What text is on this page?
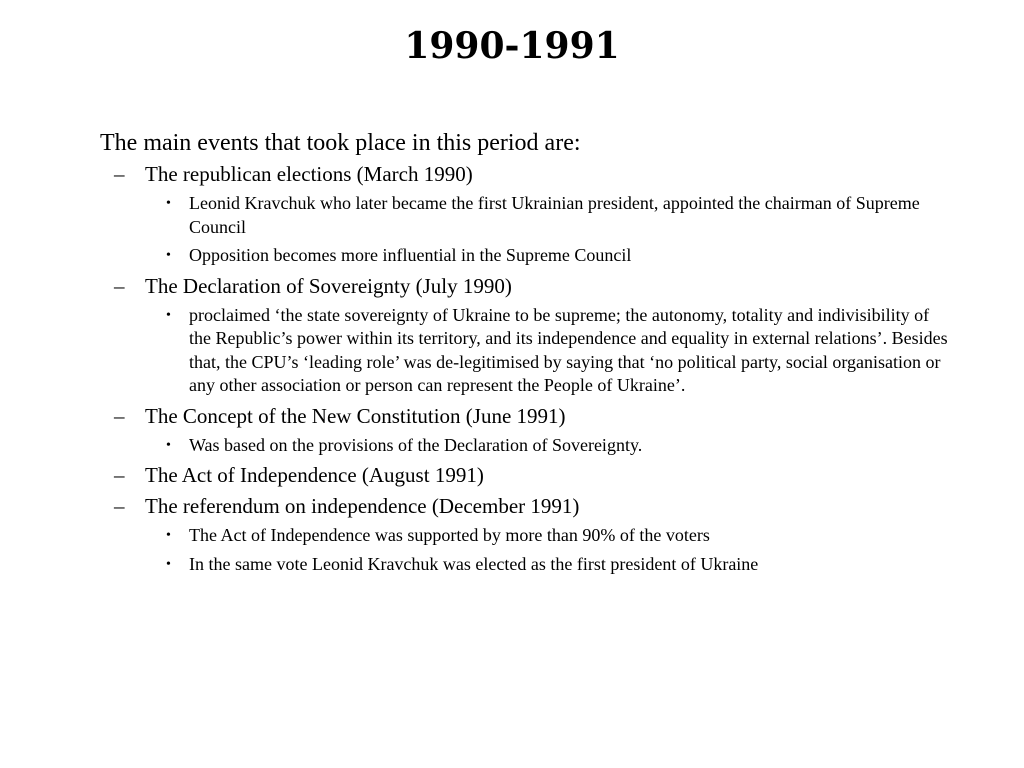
1990-1991

The main events that took place in this period are:

– The republican elections (March 1990)
• Leonid Kravchuk who later became the first Ukrainian president, appointed the chairman of Supreme Council
• Opposition becomes more influential in the Supreme Council
– The Declaration of Sovereignty (July 1990)
• proclaimed ‘the state sovereignty of Ukraine to be supreme; the autonomy, totality and indivisibility of the Republic’s power within its territory, and its independence and equality in external relations’. Besides that, the CPU’s ‘leading role’ was de-legitimised by saying that ‘no political party, social organisation or any other association or person can represent the People of Ukraine’.
– The Concept of the New Constitution (June 1991)
• Was based on the provisions of the Declaration of Sovereignty.
– The Act of Independence (August 1991)
– The referendum on independence (December 1991)
• The Act of Independence was supported by more than 90% of the voters
• In the same vote Leonid Kravchuk was elected as the first president of Ukraine
